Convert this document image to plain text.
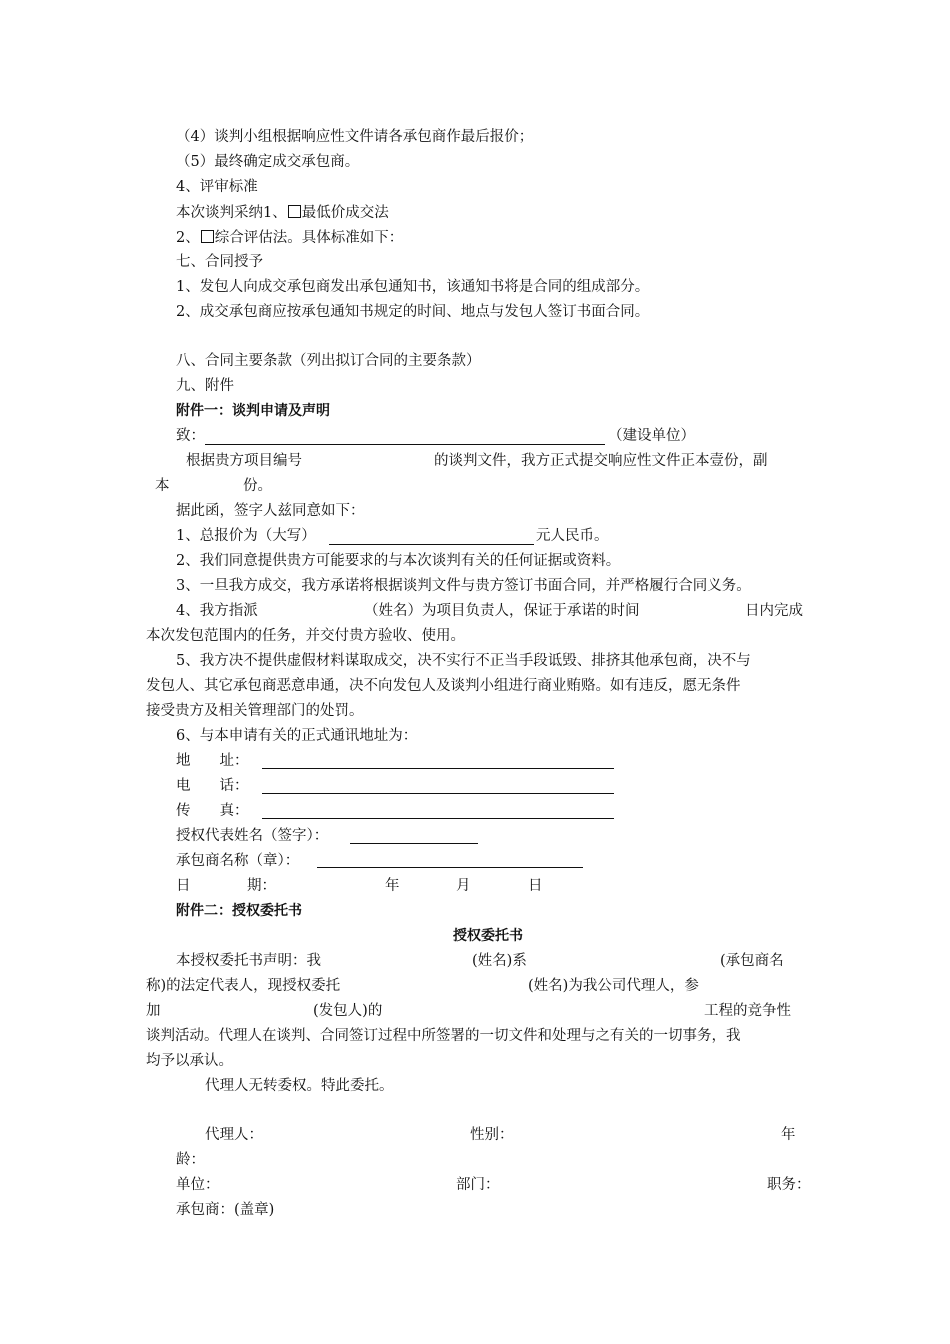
（4）谈判小组根据响应性文件请各承包商作最后报价；
（5）最终确定成交承包商。
4、评审标准
本次谈判采纳1、 最低价成交法
2、 综合评估法。具体标准如下：
七、合同授予
1、发包人向成交承包商发出承包通知书，该通知书将是合同的组成部分。
2、成交承包商应按承包通知书规定的时间、地点与发包人签订书面合同。
八、合同主要条款（列出拟订合同的主要条款）
九、附件
附件一：谈判申请及声明
致：	（建设单位）
根据贵方项目编号	的谈判文件，我方正式提交响应性文件正本壹份，副
本	份。
据此函，签字人兹同意如下：
1、总报价为（大写）	元人民币。
2、我们同意提供贵方可能要求的与本次谈判有关的任何证据或资料。
3、一旦我方成交，我方承诺将根据谈判文件与贵方签订书面合同，并严格履行合同义务。
4、我方指派	（姓名）为项目负责人，保证于承诺的时间	日内完成
本次发包范围内的任务，并交付贵方验收、使用。
5、我方决不提供虚假材料谋取成交，决不实行不正当手段诋毁、排挤其他承包商，决不与
发包人、其它承包商恶意串通，决不向发包人及谈判小组进行商业贿赂。如有违反，愿无条件
接受贵方及相关管理部门的处罚。
6、与本申请有关的正式通讯地址为：
地　　址：
电　　话：
传　　真：
授权代表姓名（签字）：
承包商名称（章）：
日	期：	年	月	日
附件二：授权委托书
授权委托书
本授权委托书声明：我	(姓名)系	(承包商名
称)的法定代表人，现授权委托	(姓名)为我公司代理人，参
加	(发包人)的	工程的竞争性
谈判活动。代理人在谈判、合同签订过程中所签署的一切文件和处理与之有关的一切事务，我
均予以承认。
代理人无转委权。特此委托。
代理人：	性别：	年
龄：
单位：	部门：	职务：
承包商：(盖章)
